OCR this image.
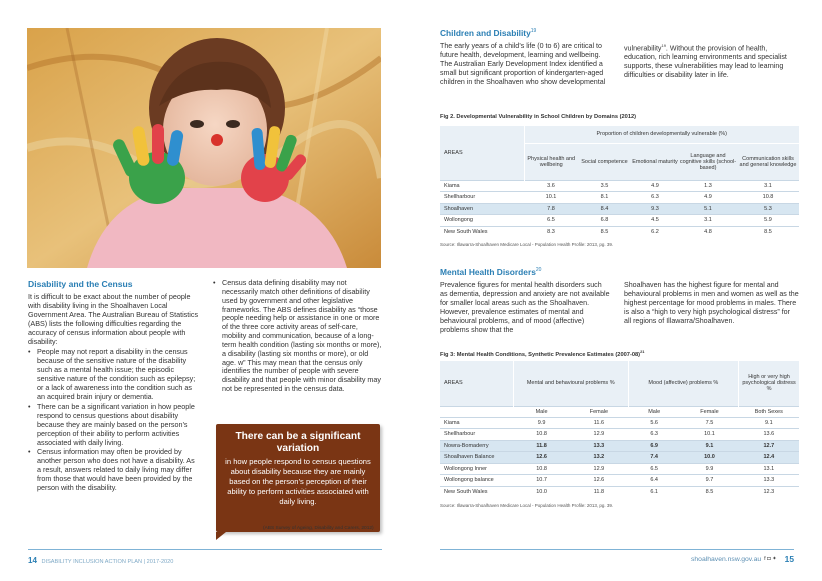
Disability and the Census

It is difficult to be exact about the number of people with disability living in the Shoalhaven Local Government Area. The Australian Bureau of Statistics (ABS) lists the following difficulties regarding the accuracy of census information about people with disability:

• People may not report a disability in the census because of the sensitive nature of the disability such as a mental health issue; the episodic sensitive nature of the condition such as epilepsy; or a lack of awareness into the condition such as an acquired brain injury or dementia.
• There can be a significant variation in how people respond to census questions about disability because they are mainly based on the person’s perception of their ability to perform activities associated with daily living.
• Census information may often be provided by another person who does not have a disability. As a result, answers related to daily living may differ from those that would have been provided by the person with the disability.
• Census data defining disability may not necessarily match other definitions of disability used by government and other legislative frameworks. The ABS defines disability as “those people needing help or assistance in one or more of the three core activity areas of self-care, mobility and communication, because of a long-term health condition (lasting six months or more), a disability (lasting six months or more), or old age. w” This may mean that the census only identifies the number of people with severe disability and that people with minor disability may not be represented in the census data.
There can be a significant variation
in how people respond to census questions about disability because they are mainly based on the person’s perception of their ability to perform activities associated with daily living.
(ABS Survey of Ageing, Disability and Carers, 2012)
14 DISABILITY INCLUSION ACTION PLAN | 2017-2020
Children and Disability$^{19}$

The early years of a child’s life (0 to 6) are critical to future health, development, learning and wellbeing. The Australian Early Development Index identified a small but significant proportion of kindergarten-aged children in the Shoalhaven who show developmental

vulnerability$^{19}$. Without the provision of health, education, rich learning environments and specialist supports, these vulnerabilities may lead to learning difficulties or disability later in life.

Fig 2. Developmental Vulnerability in School Children by Domains (2012)
AREAS	Proportion of children developmentally vulnerable (%)				
	Physical health and wellbeing	Social competence	Emotional maturity	Language and cognitive skills (school-based)	Communication skills and general knowledge
Kiama	3.6	3.5	4.9	1.3	3.1
Shellharbour	10.1	8.1	6.3	4.9	10.8
Shoalhaven	7.8	8.4	9.3	5.1	5.3
Wollongong	6.5	6.8	4.5	3.1	5.9
New South Wales	8.3	8.5	6.2	4.8	8.5
Source: Illawarra-Shoalhaven Medicare Local - Population Health Profile: 2013, pg. 39.
Mental Health Disorders$^{20}$

Prevalence figures for mental health disorders such as dementia, depression and anxiety are not available for smaller local areas such as the Shoalhaven. However, prevalence estimates of mental and behavioural problems, and of mood (affective) problems show that the

Shoalhaven has the highest figure for mental and behavioural problems in men and women as well as the highest percentage for mood problems in males. There is also a “high to very high psychological distress” for all regions of Illawarra/Shoalhaven.

Fig 3: Mental Health Conditions, Synthetic Prevalence Estimates (2007-08)$^{21}$
AREAS	Mental and behavioural problems %		Mood (affective) problems %		High or very high psychological distress %
	Male	Female	Male	Female	Both Sexes
Kiama	9.9	11.6	5.6	7.5	9.1
Shellharbour	10.8	12.9	6.3	10.1	13.6
Nowra-Bomaderry	11.8	13.3	6.9	9.1	12.7
Shoalhaven Balance	12.6	13.2	7.4	10.0	12.4
Wollongong Inner	10.8	12.9	6.5	9.9	13.1
Wollongong balance	10.7	12.6	6.4	9.7	13.3
New South Wales	10.0	11.8	6.1	8.5	12.3
Source: Illawarra-Shoalhaven Medicare Local - Population Health Profile: 2013, pg. 39.
shoalhaven.nsw.gov.au f ◘ ✦ 15
